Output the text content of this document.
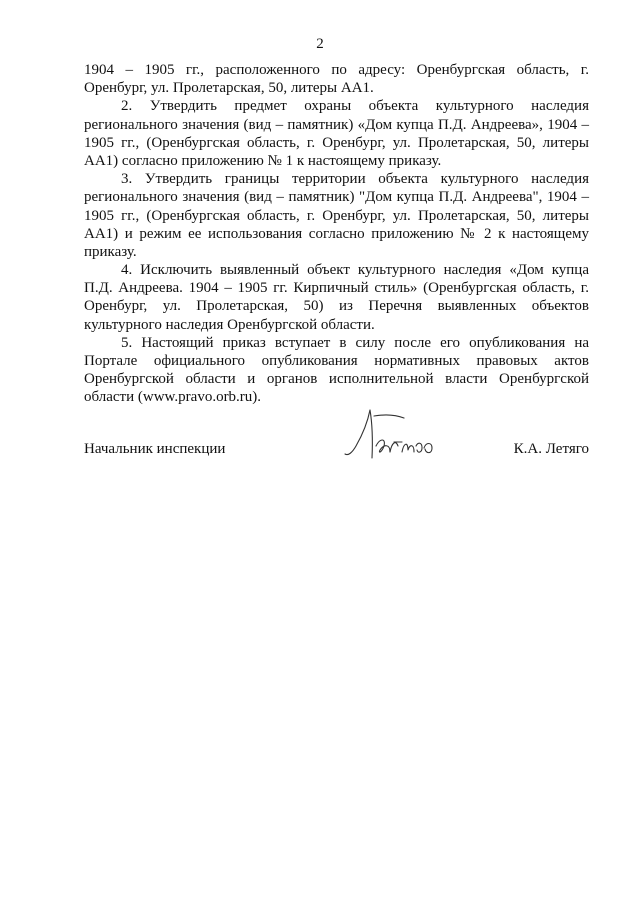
2
1904 – 1905 гг., расположенного по адресу: Оренбургская область, г.
Оренбург, ул. Пролетарская, 50, литеры АА1.
2. Утвердить предмет охраны объекта культурного наследия
регионального значения (вид – памятник) «Дом купца П.Д. Андреева», 1904 –
1905 гг., (Оренбургская область, г. Оренбург, ул. Пролетарская, 50, литеры
АА1) согласно приложению № 1 к настоящему приказу.
3. Утвердить границы территории объекта культурного наследия
регионального значения (вид – памятник) "Дом купца П.Д. Андреева", 1904 –
1905 гг., (Оренбургская область, г. Оренбург, ул. Пролетарская, 50, литеры
АА1) и режим ее использования согласно приложению № 2 к настоящему
приказу.
4. Исключить выявленный объект культурного наследия «Дом купца
П.Д. Андреева. 1904 – 1905 гг. Кирпичный стиль» (Оренбургская область, г.
Оренбург, ул. Пролетарская, 50) из Перечня выявленных объектов
культурного наследия Оренбургской области.
5. Настоящий приказ вступает в силу после его опубликования на
Портале официального опубликования нормативных правовых актов
Оренбургской области и органов исполнительной власти Оренбургской
области (www.pravo.orb.ru).
Начальник инспекции	К.А. Летяго
